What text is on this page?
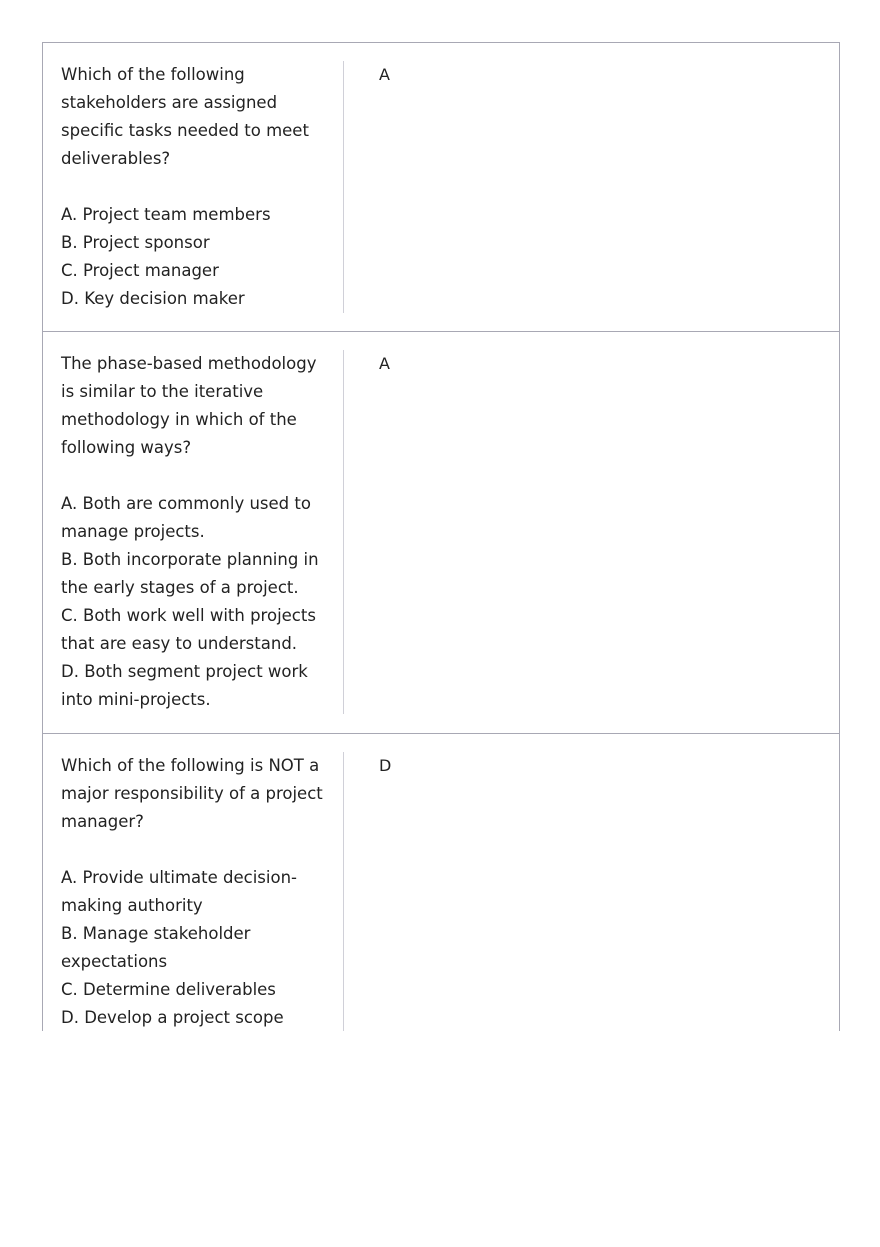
Which of the following stakeholders are assigned specific tasks needed to meet deliverables?

A. Project team members
B. Project sponsor
C. Project manager
D. Key decision maker
A

The phase-based methodology is similar to the iterative methodology in which of the following ways?

A. Both are commonly used to manage projects.
B. Both incorporate planning in the early stages of a project.
C. Both work well with projects that are easy to understand.
D. Both segment project work into mini-projects.
A

Which of the following is NOT a major responsibility of a project manager?

A. Provide ultimate decision-making authority
B. Manage stakeholder expectations
C. Determine deliverables
D. Develop a project scope
D
